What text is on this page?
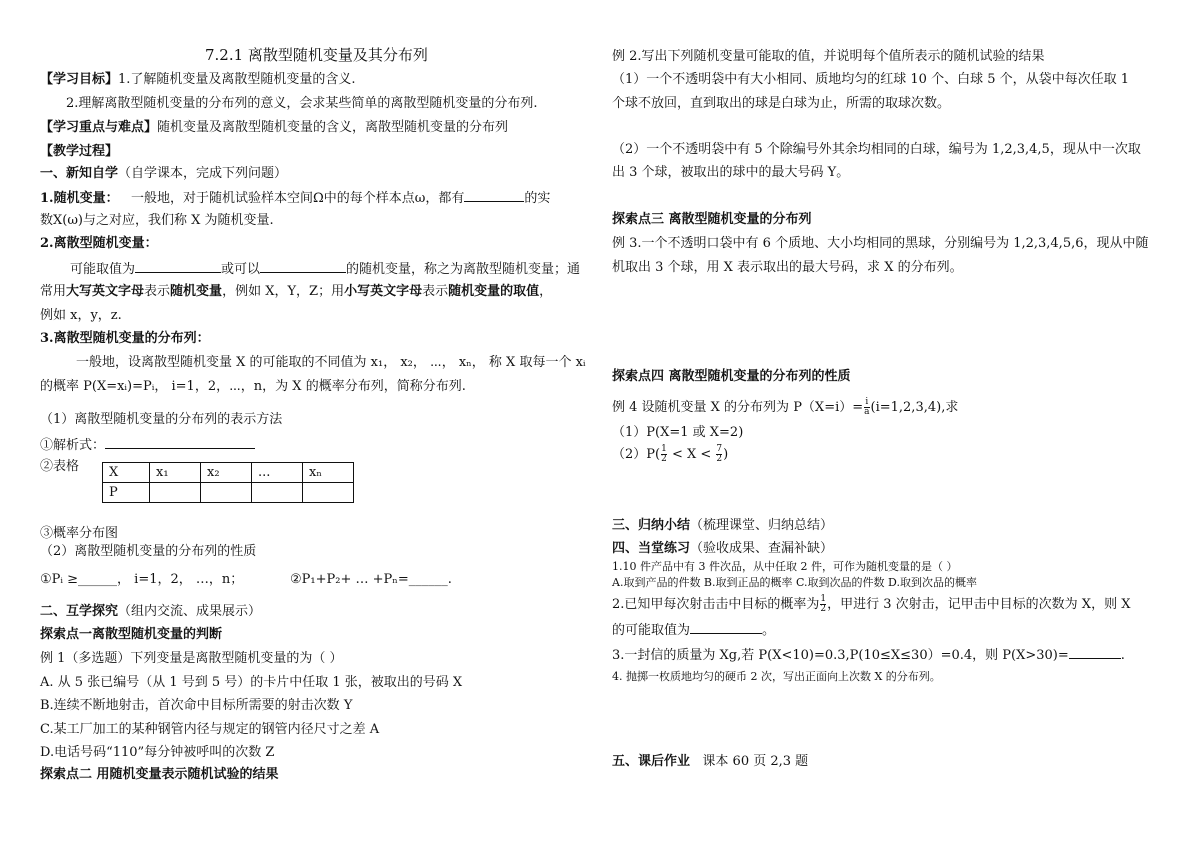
7.2.1 离散型随机变量及其分布列
【学习目标】1.了解随机变量及离散型随机变量的含义.
2.理解离散型随机变量的分布列的意义，会求某些简单的离散型随机变量的分布列.
【学习重点与难点】随机变量及离散型随机变量的含义，离散型随机变量的分布列
【教学过程】
一、新知自学（自学课本，完成下列问题）
1.随机变量： 一般地，对于随机试验样本空间Ω中的每个样本点ω，都有	的实
数X(ω)与之对应，我们称 X 为随机变量.
2.离散型随机变量：
可能取值为	或可以	的随机变量，称之为离散型随机变量；通
常用大写英文字母表示随机变量，例如 X，Y，Z；用小写英文字母表示随机变量的取值，
例如 x，y，z.
3.离散型随机变量的分布列：
一般地，设离散型随机变量 X 的可能取的不同值为 x₁， x₂， ⋯， xₙ， 称 X 取每一个 xᵢ
的概率 P(X=xᵢ)=Pᵢ， i=1，2，⋯，n，为 X 的概率分布列，简称分布列.
（1）离散型随机变量的分布列的表示方法
①解析式：
②表格 X	x₁	x₂	...	xₙ
P				
③概率分布图
（2）离散型随机变量的分布列的性质
①Pᵢ ≥______， i=1，2， …，n；	②P₁+P₂+ … +Pₙ=______.
二、互学探究（组内交流、成果展示）
探索点一离散型随机变量的判断
例 1（多选题）下列变量是离散型随机变量的为（ ）
A. 从 5 张已编号（从 1 号到 5 号）的卡片中任取 1 张，被取出的号码 X
B.连续不断地射击，首次命中目标所需要的射击次数 Y
C.某工厂加工的某种钢管内径与规定的钢管内径尺寸之差 A
D.电话号码“110”每分钟被呼叫的次数 Z
探索点二 用随机变量表示随机试验的结果
例 2.写出下列随机变量可能取的值，并说明每个值所表示的随机试验的结果
（1）一个不透明袋中有大小相同、质地均匀的红球 10 个、白球 5 个，从袋中每次任取 1
个球不放回，直到取出的球是白球为止，所需的取球次数。
（2）一个不透明袋中有 5 个除编号外其余均相同的白球，编号为 1,2,3,4,5，现从中一次取
出 3 个球，被取出的球中的最大号码 Y。
探索点三 离散型随机变量的分布列
例 3.一个不透明口袋中有 6 个质地、大小均相同的黑球，分别编号为 1,2,3,4,5,6，现从中随
机取出 3 个球，用 X 表示取出的最大号码，求 X 的分布列。
探索点四 离散型随机变量的分布列的性质
例 4 设随机变量 X 的分布列为 $P(X=i)= \frac{i}{a} (i=1,2,3,4)$,求
（1）P(X=1 或 X=2)
$(2)P( \frac{1}{2} < X < \frac{7}{2}$ )
三、归纳小结（梳理课堂、归纳总结）
四、当堂练习（验收成果、查漏补缺）
1.10 件产品中有 3 件次品，从中任取 2 件，可作为随机变量的是（ ）
A.取到产品的件数 B.取到正品的概率 C.取到次品的件数 D.取到次品的概率
2.已知甲每次射击击中目标的概率为 $\frac{1}{2}$ ，甲进行 3 次射击，记甲击中目标的次数为 X，则 X
的可能取值为	。
3.一封信的质量为 Xg,若 P(X<10)=0.3,P(10≤X≤30）=0.4，则 P(X>30)=	.
4. 抛掷一枚质地均匀的硬币 2 次，写出正面向上次数 X 的分布列。
五、课后作业 课本 60 页 2,3 题
